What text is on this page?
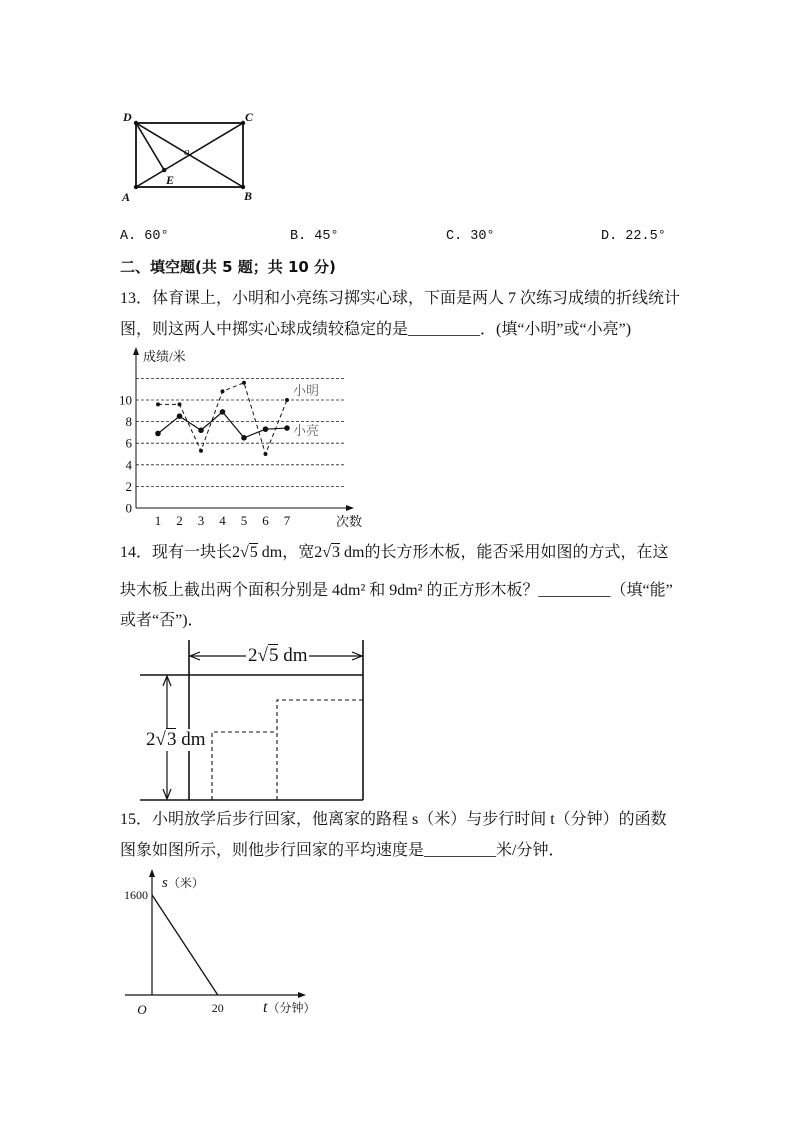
D	C
A	B
o
E
A. 60°	B. 45°	C. 30°	D. 22.5°
二、填空题(共 5 题；共 10 分)
13．体育课上，小明和小亮练习掷实心球，下面是两人 7 次练习成绩的折线统计
图，则这两人中掷实心球成绩较稳定的是_________．(填“小明”或“小亮”)
0
2
4
6
8
10
1 2 3 4 5 6 7
成绩/米
次数
小明
小亮
14．现有一块长2√5 dm，宽2√3 dm的长方形木板，能否采用如图的方式，在这
块木板上截出两个面积分别是 4dm² 和 9dm² 的正方形木板？_________（填“能”
或者“否”)．
2√5 dm
2√3 dm
15．小明放学后步行回家，他离家的路程 s（米）与步行时间 t（分钟）的函数
图象如图所示，则他步行回家的平均速度是_________米/分钟．
1600
20
O
s（米）
t（分钟）
